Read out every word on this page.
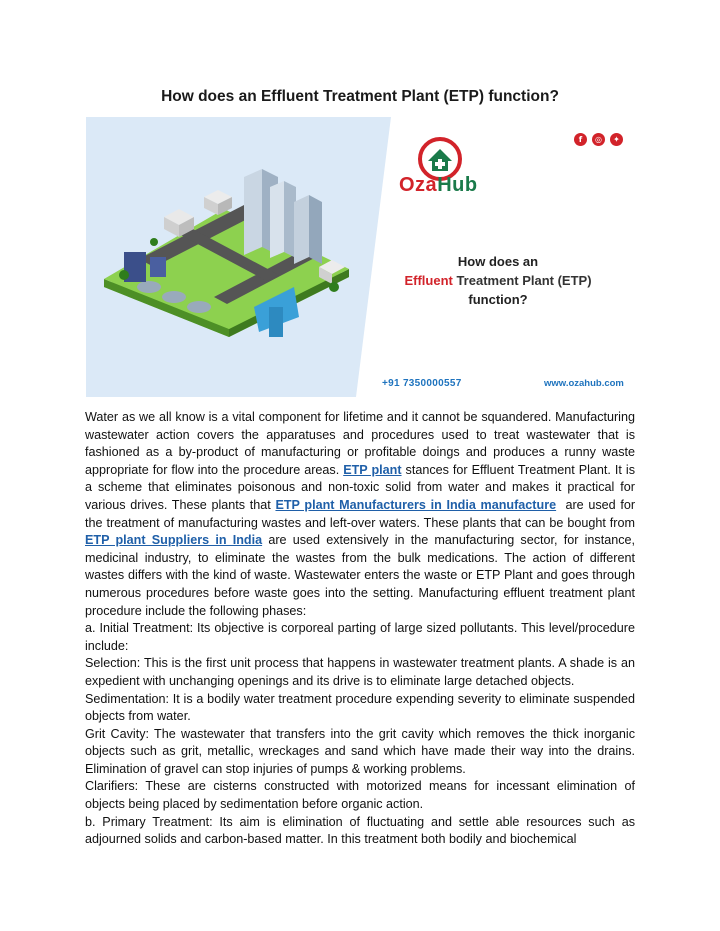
How does an Effluent Treatment Plant (ETP) function?
OzaHub
f	◎	✦
How does an
Effluent Treatment Plant (ETP)
function?
+91 7350000557	www.ozahub.com

Water as we all know is a vital component for lifetime and it cannot be squandered. Manufacturing wastewater action covers the apparatuses and procedures used to treat wastewater that is fashioned as a by-product of manufacturing or profitable doings and produces a runny waste appropriate for flow into the procedure areas. ETP plant stances for Effluent Treatment Plant. It is a scheme that eliminates poisonous and non-toxic solid from water and makes it practical for various drives. These plants that ETP plant Manufacturers in India manufacture are used for the treatment of manufacturing wastes and left-over waters. These plants that can be bought from ETP plant Suppliers in India are used extensively in the manufacturing sector, for instance, medicinal industry, to eliminate the wastes from the bulk medications. The action of different wastes differs with the kind of waste. Wastewater enters the waste or ETP Plant and goes through numerous procedures before waste goes into the setting. Manufacturing effluent treatment plant procedure include the following phases:

a. Initial Treatment: Its objective is corporeal parting of large sized pollutants. This level/procedure include:

Selection: This is the first unit process that happens in wastewater treatment plants. A shade is an expedient with unchanging openings and its drive is to eliminate large detached objects.

Sedimentation: It is a bodily water treatment procedure expending severity to eliminate suspended objects from water.

Grit Cavity: The wastewater that transfers into the grit cavity which removes the thick inorganic objects such as grit, metallic, wreckages and sand which have made their way into the drains. Elimination of gravel can stop injuries of pumps & working problems.

Clarifiers: These are cisterns constructed with motorized means for incessant elimination of objects being placed by sedimentation before organic action.

b. Primary Treatment: Its aim is elimination of fluctuating and settle able resources such as adjourned solids and carbon-based matter. In this treatment both bodily and biochemical
